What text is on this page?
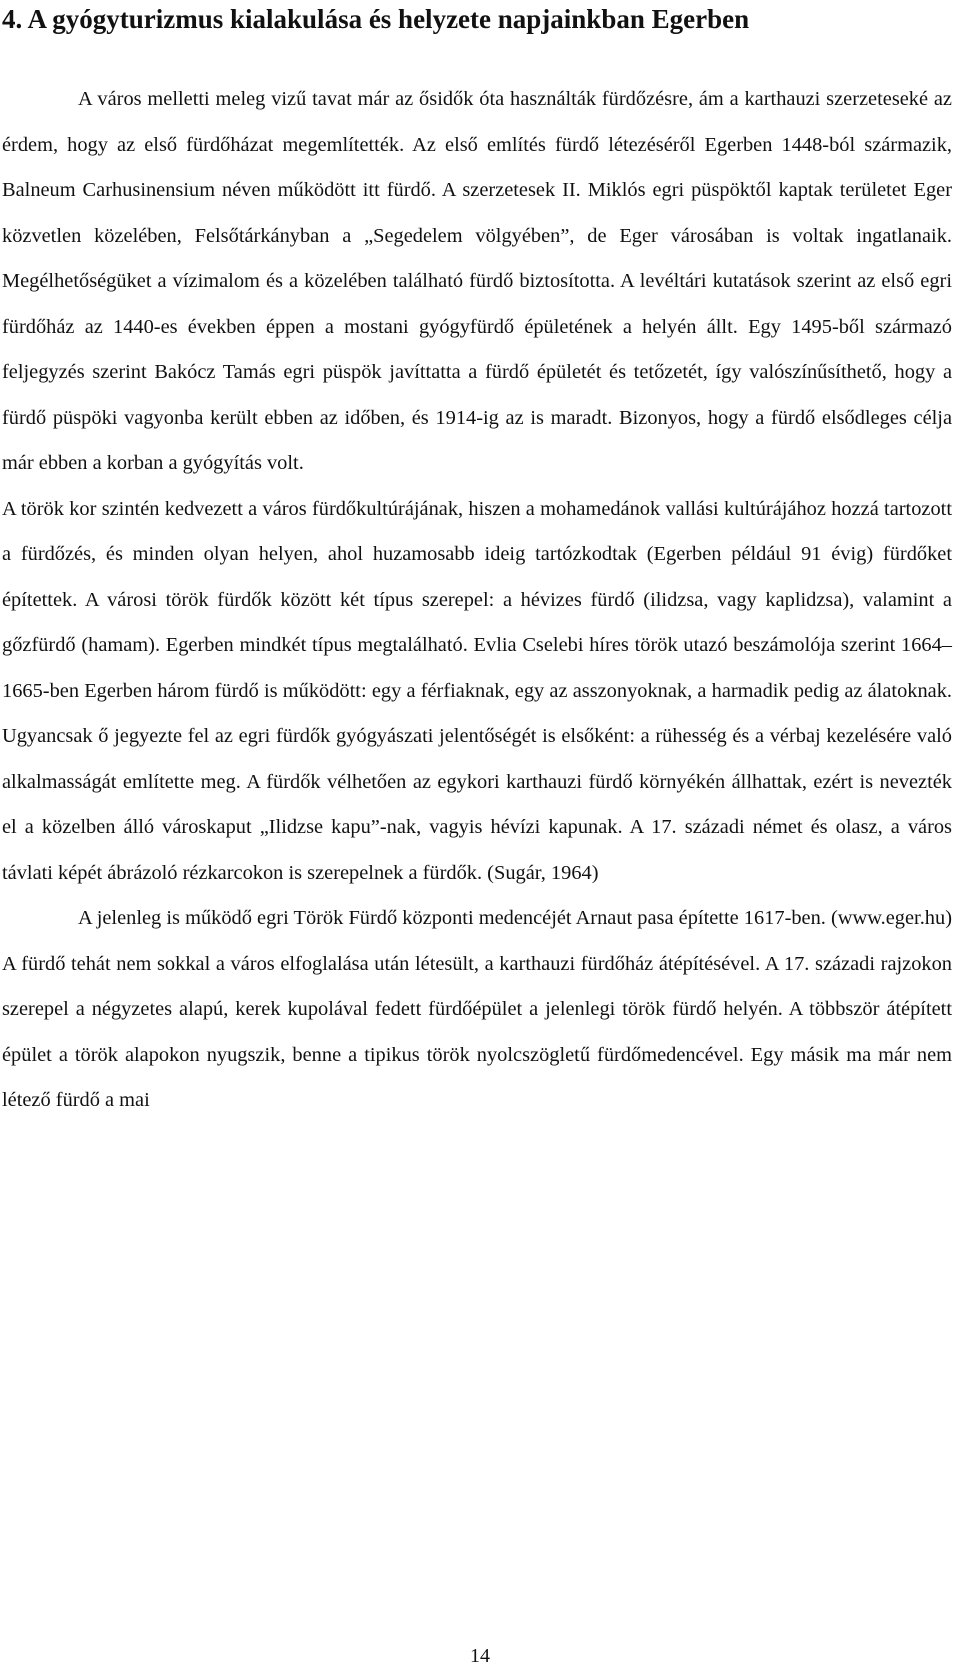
4. A gyógyturizmus kialakulása és helyzete napjainkban Egerben

A város melletti meleg vizű tavat már az ősidők óta használták fürdőzésre, ám a karthauzi szerzeteseké az érdem, hogy az első fürdőházat megemlítették. Az első említés fürdő létezéséről Egerben 1448-ból származik, Balneum Carhusinensium néven működött itt fürdő. A szerzetesek II. Miklós egri püspöktől kaptak területet Eger közvetlen közelében, Felsőtárkányban a „Segedelem völgyében”, de Eger városában is voltak ingatlanaik. Megélhetőségüket a vízimalom és a közelében található fürdő biztosította. A levéltári kutatások szerint az első egri fürdőház az 1440-es években éppen a mostani gyógyfürdő épületének a helyén állt. Egy 1495-ből származó feljegyzés szerint Bakócz Tamás egri püspök javíttatta a fürdő épületét és tetőzetét, így valószínűsíthető, hogy a fürdő püspöki vagyonba került ebben az időben, és 1914-ig az is maradt. Bizonyos, hogy a fürdő elsődleges célja már ebben a korban a gyógyítás volt.

A török kor szintén kedvezett a város fürdőkultúrájának, hiszen a mohamedánok vallási kultúrájához hozzá tartozott a fürdőzés, és minden olyan helyen, ahol huzamosabb ideig tartózkodtak (Egerben például 91 évig) fürdőket építettek. A városi török fürdők között két típus szerepel: a hévizes fürdő (ilidzsa, vagy kaplidzsa), valamint a gőzfürdő (hamam). Egerben mindkét típus megtalálható. Evlia Cselebi híres török utazó beszámolója szerint 1664–1665-ben Egerben három fürdő is működött: egy a férfiaknak, egy az asszonyoknak, a harmadik pedig az álatoknak. Ugyancsak ő jegyezte fel az egri fürdők gyógyászati jelentőségét is elsőként: a rühesség és a vérbaj kezelésére való alkalmasságát említette meg. A fürdők vélhetően az egykori karthauzi fürdő környékén állhattak, ezért is nevezték el a közelben álló városkaput „Ilidzse kapu”-nak, vagyis hévízi kapunak. A 17. századi német és olasz, a város távlati képét ábrázoló rézkarcokon is szerepelnek a fürdők. (Sugár, 1964)

A jelenleg is működő egri Török Fürdő központi medencéjét Arnaut pasa építette 1617-ben. (www.eger.hu) A fürdő tehát nem sokkal a város elfoglalása után létesült, a karthauzi fürdőház átépítésével. A 17. századi rajzokon szerepel a négyzetes alapú, kerek kupolával fedett fürdőépület a jelenlegi török fürdő helyén. A többször átépített épület a török alapokon nyugszik, benne a tipikus török nyolcszögletű fürdőmedencével. Egy másik ma már nem létező fürdő a mai

14
